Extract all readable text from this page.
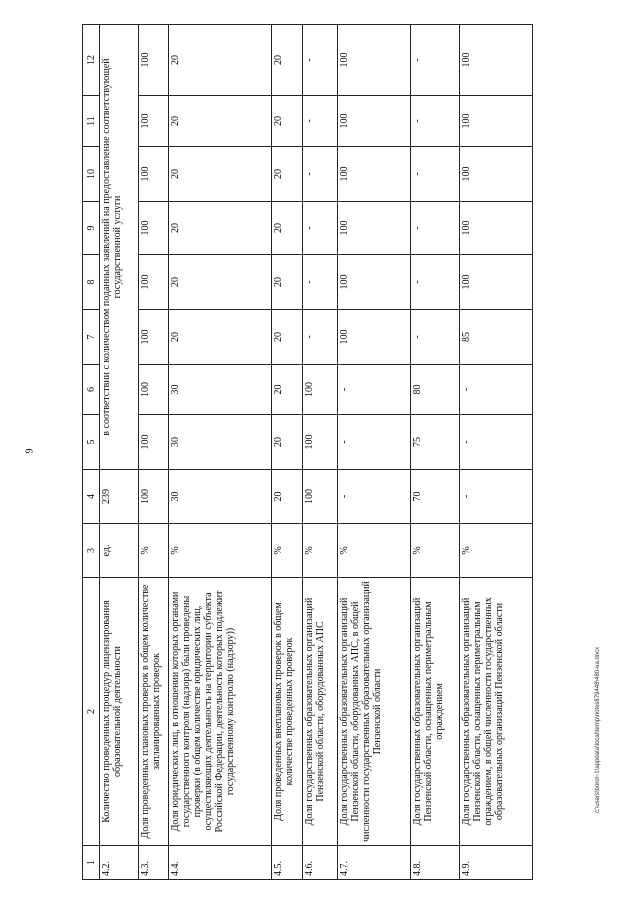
9
1	2	3	4	5	6	7	8	9	10	11	12
4.2.	Количество проведенных процедур лицензирования образовательной деятельности	ед.	239	в соответствии с количеством поданных заявлений на предоставление соответствующей государственной услуги							
4.3.	Доля проведенных плановых проверок в общем количестве запланированных проверок	%	100	100	100	100	100	100	100	100	100
4.4.	Доля юридических лиц, в отношении которых органами государственного контроля (надзора) были проведены проверки (в общем количестве юридических лиц, осуществляющих деятельность на территории субъекта Российской Федерации, деятельность которых подлежит государственному контролю (надзору))	%	30	30	30	20	20	20	20	20	20
4.5.	Доля проведенных внеплановых проверок в общем количестве проведенных проверок	%	20	20	20	20	20	20	20	20	20
4.6.	Доля государственных образовательных организаций Пензенской области, оборудованных АПС	%	100	100	100	-	-	-	-	-	-
4.7.	Доля государственных образовательных организаций Пензенской области, оборудованных АПС, в общей численности государственных образовательных организаций Пензенской области	%	-	-	-	100	100	100	100	100	100
4.8.	Доля государственных образовательных организаций Пензенской области, оснащенных периметральным ограждением	%	70	75	80	-	-	-	-	-	-
4.9.	Доля государственных образовательных организаций Пензенской области, оснащенных периметральным ограждением, в общей численности государственных образовательных организаций Пензенской области	%	-	-	-	85	100	100	100	100	100
c:\users\borol~1\appdata\local\temp\notes879448\480-на.docx
